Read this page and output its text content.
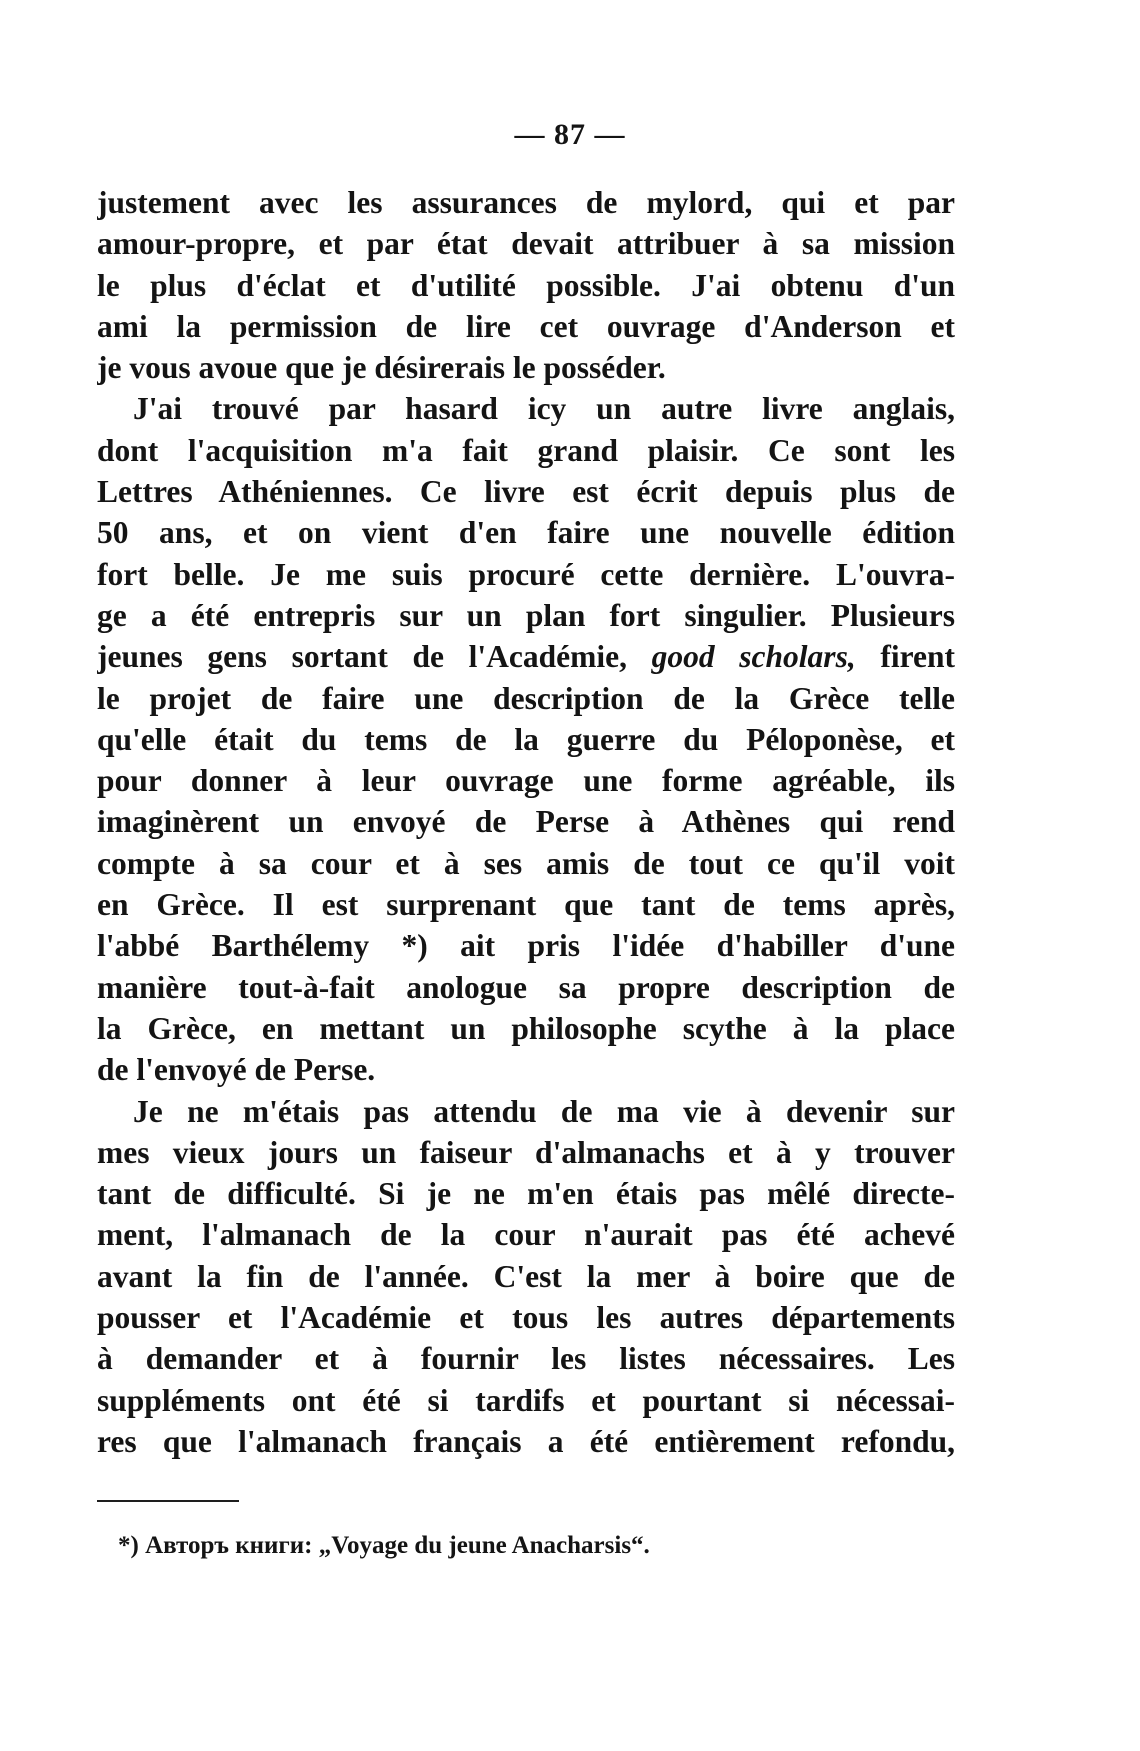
— 87 —
justement avec les assurances de mylord, qui et par
amour-propre, et par état devait attribuer à sa mission
le plus d'éclat et d'utilité possible. J'ai obtenu d'un
ami la permission de lire cet ouvrage d'Anderson et
je vous avoue que je désirerais le posséder.
J'ai trouvé par hasard icy un autre livre anglais,
dont l'acquisition m'a fait grand plaisir. Ce sont les
Lettres Athéniennes. Ce livre est écrit depuis plus de
50 ans, et on vient d'en faire une nouvelle édition
fort belle. Je me suis procuré cette dernière. L'ouvra-
ge a été entrepris sur un plan fort singulier. Plusieurs
jeunes gens sortant de l'Académie, good scholars, firent
le projet de faire une description de la Grèce telle
qu'elle était du tems de la guerre du Péloponèse, et
pour donner à leur ouvrage une forme agréable, ils
imaginèrent un envoyé de Perse à Athènes qui rend
compte à sa cour et à ses amis de tout ce qu'il voit
en Grèce. Il est surprenant que tant de tems après,
l'abbé Barthélemy *) ait pris l'idée d'habiller d'une
manière tout-à-fait anologue sa propre description de
la Grèce, en mettant un philosophe scythe à la place
de l'envoyé de Perse.
Je ne m'étais pas attendu de ma vie à devenir sur
mes vieux jours un faiseur d'almanachs et à y trouver
tant de difficulté. Si je ne m'en étais pas mêlé directe-
ment, l'almanach de la cour n'aurait pas été achevé
avant la fin de l'année. C'est la mer à boire que de
pousser et l'Académie et tous les autres départements
à demander et à fournir les listes nécessaires. Les
suppléments ont été si tardifs et pourtant si nécessai-
res que l'almanach français a été entièrement refondu,
*) Авторъ книги: „Voyage du jeune Anacharsis“.
